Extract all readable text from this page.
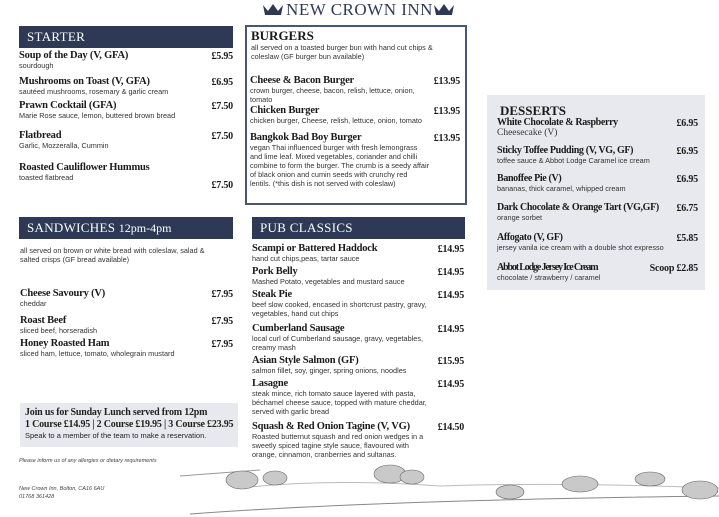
NEW CROWN INN
STARTER
Soup of the Day (V, GFA)
sourdough
£5.95
Mushrooms on Toast (V, GFA)
sautéed mushrooms, rosemary & garlic cream
£6.95
Prawn Cocktail (GFA)
Marie Rose sauce, lemon, buttered brown bread
£7.50
Flatbread
Garlic, Mozzeralla, Cummin
£7.50
Roasted Cauliflower Hummus
toasted flatbread
£7.50
BURGERS
all served on a toasted burger bun with hand cut chips & coleslaw (GF burger bun available)
Cheese & Bacon Burger
crown burger, cheese, bacon, relish, lettuce, onion, tomato
£13.95
Chicken Burger
chicken burger, Cheese, relish, lettuce, onion, tomato
£13.95
Bangkok Bad Boy Burger
vegan Thai influenced burger with fresh lemongrass and lime leaf. Mixed vegetables, coriander and chilli combine to form the burger. The crumb is a seedy affair of black onion and cumin seeds with crunchy red lentils. (*this dish is not served with coleslaw)
£13.95
DESSERTS
White Chocolate & Raspberry
Cheesecake (V)
£6.95
Sticky Toffee Pudding (V, VG, GF)
toffee sauce & Abbot Lodge Caramel ice cream
£6.95
Banoffee Pie (V)
bananas, thick caramel, whipped cream
£6.95
Dark Chocolate & Orange Tart (VG,GF)
orange sorbet
£6.75
Affogato (V, GF)
jersey vanila ice cream with a double shot expresso
£5.85
Abbot Lodge Jersey Ice Cream
chocolate / strawberry / caramel
Scoop £2.85
SANDWICHES 12pm-4pm
all served on brown or white bread with coleslaw, salad & salted crisps (GF bread available)
Cheese Savoury (V)
cheddar
£7.95
Roast Beef
sliced beef, horseradish
£7.95
Honey Roasted Ham
sliced ham, lettuce, tomato, wholegrain mustard
£7.95
PUB CLASSICS
Scampi or Battered Haddock
hand cut chips,peas, tartar sauce
£14.95
Pork Belly
Mashed Potato, vegetables and mustard sauce
£14.95
Steak Pie
beef slow cooked, encased in shortcrust pastry, gravy, vegetables, hand cut chips
£14.95
Cumberland Sausage
local curl of Cumberland sausage, gravy, vegetables, creamy mash
£14.95
Asian Style Salmon (GF)
salmon fillet, soy, ginger, spring onions, noodles
£15.95
Lasagne
steak mince, rich tomato sauce layered with pasta, béchamel cheese sauce, topped with mature cheddar, served with garlic bread
£14.95
Squash & Red Onion Tagine (V, VG)
Roasted butternut squash and red onion wedges in a sweetly spiced tagine style sauce, flavoured with orange, cinnamon, cranberries and sultanas.
£14.50
Join us for Sunday Lunch served from 12pm
1 Course £14.95 | 2 Course £19.95 | 3 Course £23.95
Speak to a member of the team to make a reservation.
Please inform us of any allergies or dietary requirements
New Crown Inn, Bolton, CA16 6AU
01768 361428
